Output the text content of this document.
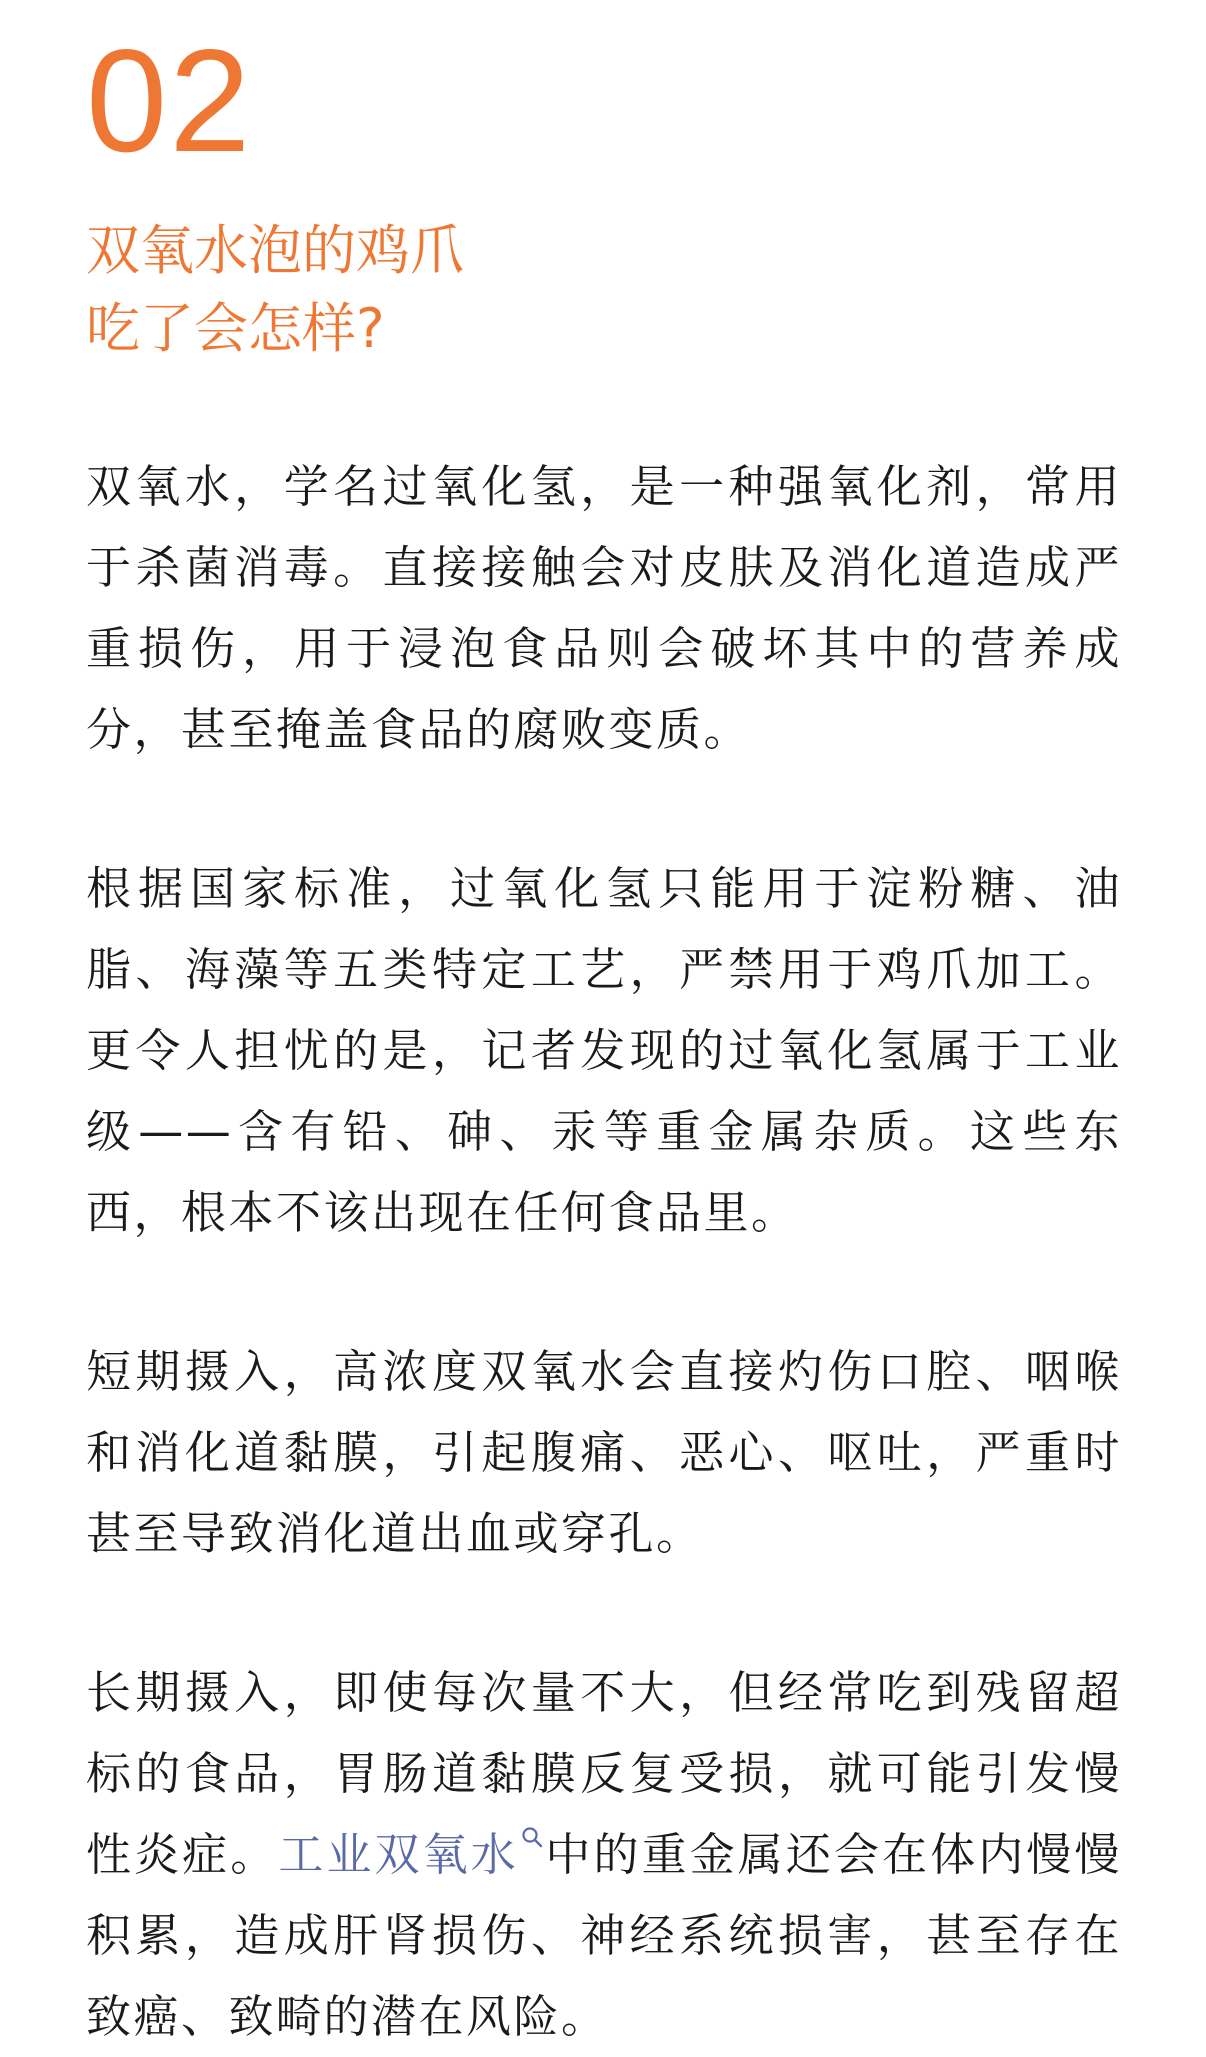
02
双氧水泡的鸡爪
吃了会怎样?

双氧水，学名过氧化氢，是一种强氧化剂，常用于杀菌消毒。直接接触会对皮肤及消化道造成严重损伤，用于浸泡食品则会破坏其中的营养成分，甚至掩盖食品的腐败变质。

根据国家标准，过氧化氢只能用于淀粉糖、油脂、海藻等五类特定工艺，严禁用于鸡爪加工。更令人担忧的是，记者发现的过氧化氢属于工业级——含有铅、砷、汞等重金属杂质。这些东西，根本不该出现在任何食品里。

短期摄入，高浓度双氧水会直接灼伤口腔、咽喉和消化道黏膜，引起腹痛、恶心、呕吐，严重时甚至导致消化道出血或穿孔。

长期摄入，即使每次量不大，但经常吃到残留超标的食品，胃肠道黏膜反复受损，就可能引发慢性炎症。工业双氧水 中的重金属还会在体内慢慢积累，造成肝肾损伤、神经系统损害，甚至存在致癌、致畸的潜在风险。
